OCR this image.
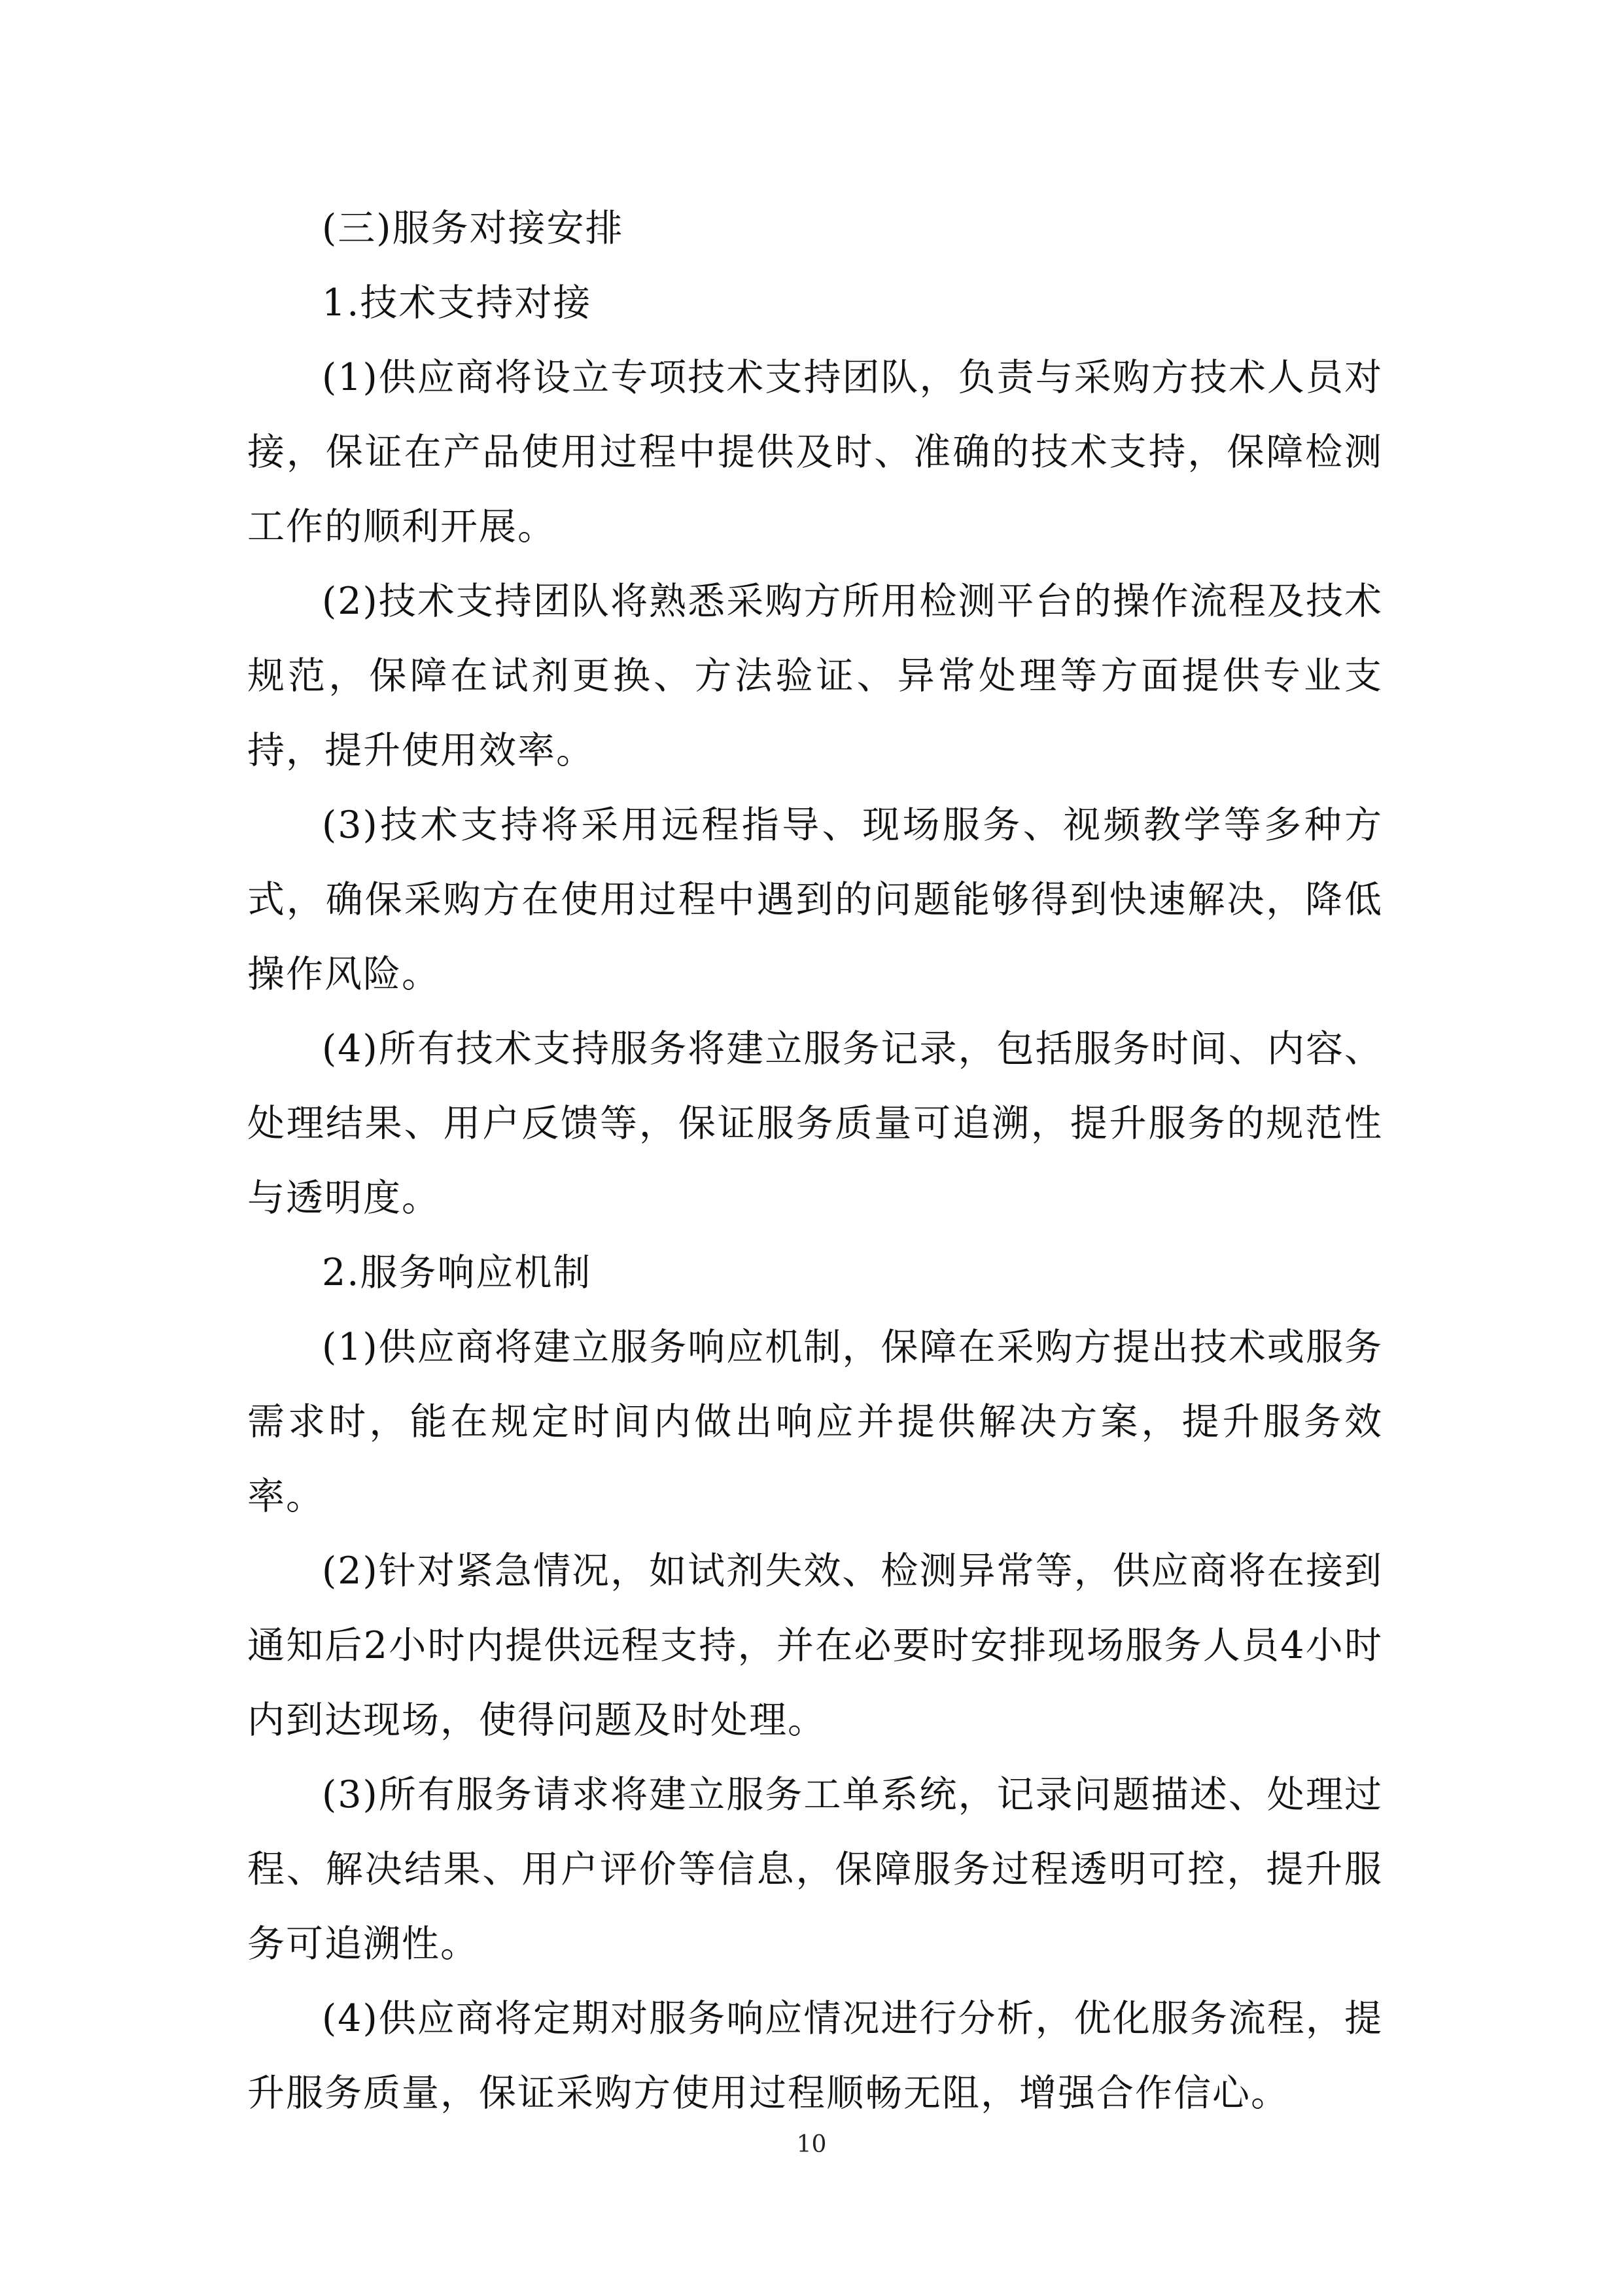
(三)服务对接安排

1.技术支持对接

(1)供应商将设立专项技术支持团队，负责与采购方技术人员对接，保证在产品使用过程中提供及时、准确的技术支持，保障检测工作的顺利开展。

(2)技术支持团队将熟悉采购方所用检测平台的操作流程及技术规范，保障在试剂更换、方法验证、异常处理等方面提供专业支持，提升使用效率。

(3)技术支持将采用远程指导、现场服务、视频教学等多种方式，确保采购方在使用过程中遇到的问题能够得到快速解决，降低操作风险。

(4)所有技术支持服务将建立服务记录，包括服务时间、内容、处理结果、用户反馈等，保证服务质量可追溯，提升服务的规范性与透明度。

2.服务响应机制

(1)供应商将建立服务响应机制，保障在采购方提出技术或服务需求时，能在规定时间内做出响应并提供解决方案，提升服务效率。

(2)针对紧急情况，如试剂失效、检测异常等，供应商将在接到通知后2小时内提供远程支持，并在必要时安排现场服务人员4小时内到达现场，使得问题及时处理。

(3)所有服务请求将建立服务工单系统，记录问题描述、处理过程、解决结果、用户评价等信息，保障服务过程透明可控，提升服务可追溯性。

(4)供应商将定期对服务响应情况进行分析，优化服务流程，提升服务质量，保证采购方使用过程顺畅无阻，增强合作信心。

10
